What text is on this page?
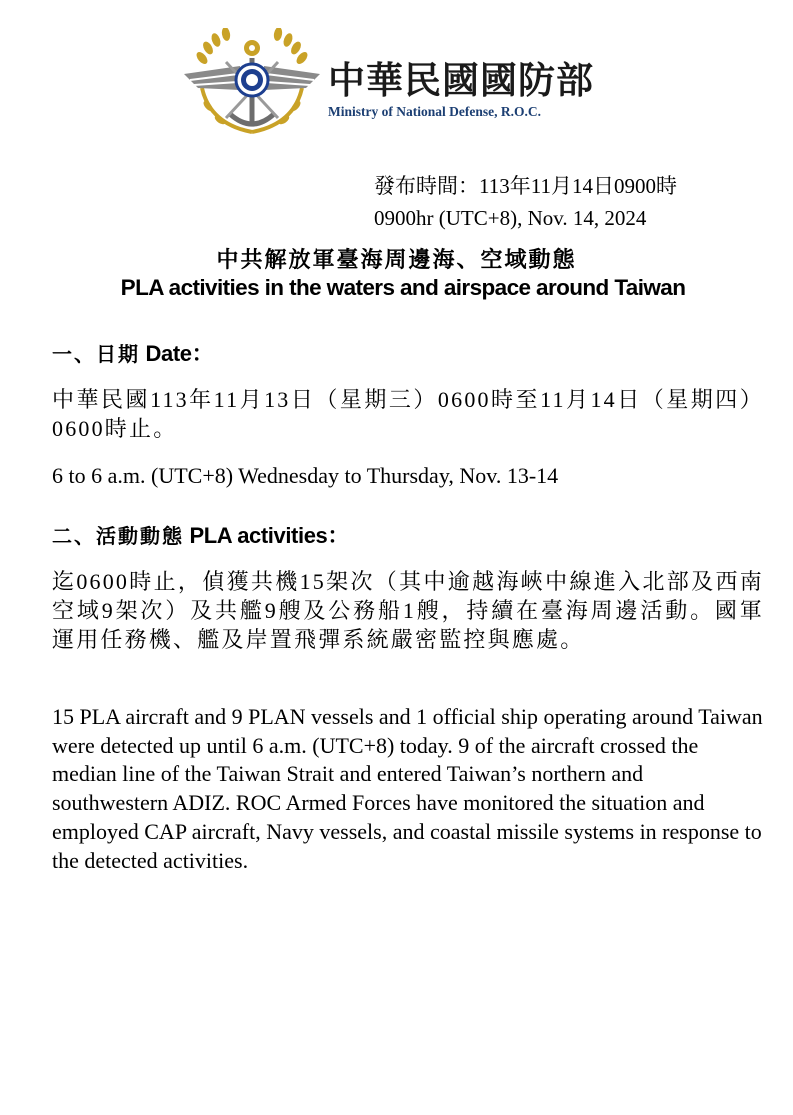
中華民國國防部
Ministry of National Defense, R.O.C.
發布時間：113年11月14日0900時
0900hr (UTC+8), Nov. 14, 2024
中共解放軍臺海周邊海、空域動態
PLA activities in the waters and airspace around Taiwan
一、日期 Date：
中華民國113年11月13日（星期三）0600時至11月14日（星期四）0600時止。
6 to 6 a.m. (UTC+8) Wednesday to Thursday, Nov. 13-14
二、活動動態 PLA activities：
迄0600時止，偵獲共機15架次（其中逾越海峽中線進入北部及西南空域9架次）及共艦9艘及公務船1艘，持續在臺海周邊活動。國軍運用任務機、艦及岸置飛彈系統嚴密監控與應處。
15 PLA aircraft and 9 PLAN vessels and 1 official ship operating around Taiwan were detected up until 6 a.m. (UTC+8) today. 9 of the aircraft crossed the median line of the Taiwan Strait and entered Taiwan’s northern and southwestern ADIZ. ROC Armed Forces have monitored the situation and employed CAP aircraft, Navy vessels, and coastal missile systems in response to the detected activities.
